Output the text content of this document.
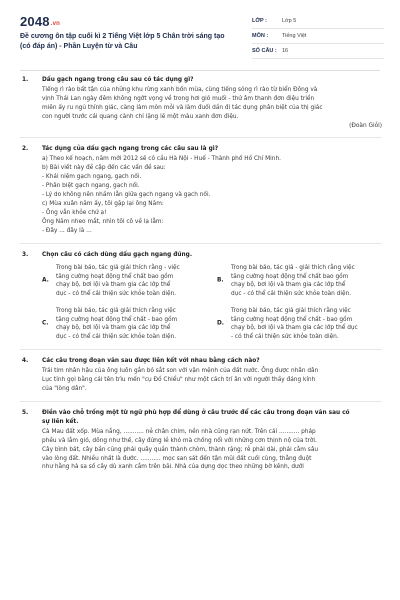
2048.vn
Đề cương ôn tập cuối kì 2 Tiếng Việt lớp 5 Chân trời sáng tạo (có đáp án) - Phần Luyện từ và Câu
LỚP :	Lớp 5
MÔN :	Tiếng Việt
SỐ CÂU : 16
1. Dấu gạch ngang trong câu sau có tác dụng gì?
Tiếng rì rào bất tận của những khu rừng xanh bốn mùa, cùng tiếng sóng rì rào từ biển Đông và
vịnh Thái Lan ngày đêm không ngớt vọng về trong hơi gió muối - thứ âm thanh đơn điệu triền
miên ấy ru ngủ thính giác, càng làm mòn mỏi và làm đuối dần đi tác dụng phân biệt của thị giác
con người trước cái quang cảnh chỉ lặng lẽ một màu xanh đơn điệu.
(Đoàn Giỏi)
2. Tác dụng của dấu gạch ngang trong các câu sau là gì?
a) Theo kế hoạch, năm mới 2012 sẽ có cầu Hà Nội - Huế - Thành phố Hồ Chí Minh.
b) Bài viết này đề cập đến các vấn đề sau:
- Khái niệm gạch ngang, gạch nối.
- Phân biệt gạch ngang, gạch nối.
- Lý do không nên nhầm lẫn giữa gạch ngang và gạch nối.
c) Mùa xuân năm ấy, tôi gặp lại ông Năm:
- Ông vẫn khỏe chứ ạ!
Ông Năm nheo mắt, nhìn tôi cô về lạ lẫm:
- Đây ... đây là ...
3. Chọn câu có cách dùng dấu gạch ngang đúng.
A.
Trong bài báo, tác giả giải thích rằng - việc
tăng cường hoạt động thể chất bao gồm
chạy bộ, bơi lội và tham gia các lớp thể
dục - có thể cải thiện sức khỏe toàn diện.
B.
Trong bài báo, tác giả - giải thích rằng việc
tăng cường hoạt động thể chất bao gồm
chạy bộ, bơi lội và tham gia các lớp thể
dục - có thể cải thiện sức khỏe toàn diện.
C.
Trong bài báo, tác giả giải thích rằng việc
tăng cường hoạt động thể chất - bao gồm
chạy bộ, bơi lội và tham gia các lớp thể
dục - có thể cải thiện sức khỏe toàn diện.
D.
Trong bài báo, tác giả giải thích rằng việc
tăng cường hoạt động thể chất - bao gồm
chạy bộ, bơi lội và tham gia các lớp thể dục
- có thể cải thiện sức khỏe toàn diện.
4. Các câu trong đoạn văn sau được liên kết với nhau bằng cách nào?
Trải tim nhân hậu của ông luôn gắn bó sắt son với vận mệnh của đất nước. Ông được nhân dân
Lục tỉnh gọi bằng cái tên trìu mến "cụ Đồ Chiểu" như một cách trí ân với người thầy đáng kính
của "lòng dân".
5. Điền vào chỗ trống một từ ngữ phù hợp để dùng ở câu trước để các câu trong đoạn văn sau có
sự liên kết.
Cà Mau đất xốp. Mùa nắng, ........... nẻ chân chim, nền nhà cũng rạn nứt. Trên cái ........... pháp
phều và lắm gió, dông như thế, cây đứng lẻ khó mà chống nổi với những cơn thịnh nộ của trời.
Cây bình bát, cây bần cũng phải quây quần thành chòm, thành rặng; rễ phải dài, phải cắm sâu
vào lòng đất. Nhiều nhất là đước. ........... mọc san sát đến tận mũi đất cuối cùng, thẳng đuột
như hằng hà sa số cây dù xanh cắm trên bãi. Nhà của dựng dọc theo những bờ kênh, dưới
